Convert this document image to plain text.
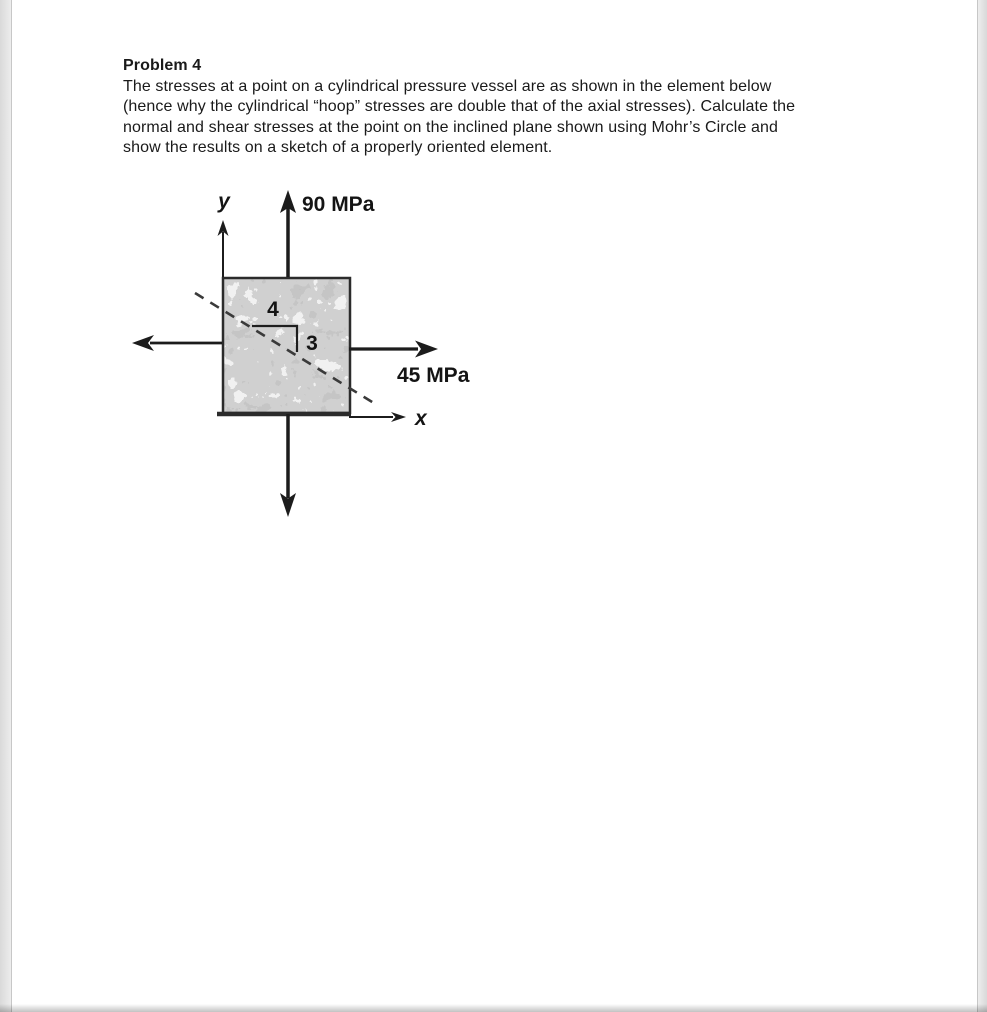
Problem 4
The stresses at a point on a cylindrical pressure vessel are as shown in the element below
(hence why the cylindrical “hoop” stresses are double that of the axial stresses). Calculate the
normal and shear stresses at the point on the inclined plane shown using Mohr’s Circle and
show the results on a sketch of a properly oriented element.
4
3
y	90 MPa
45 MPa
x
